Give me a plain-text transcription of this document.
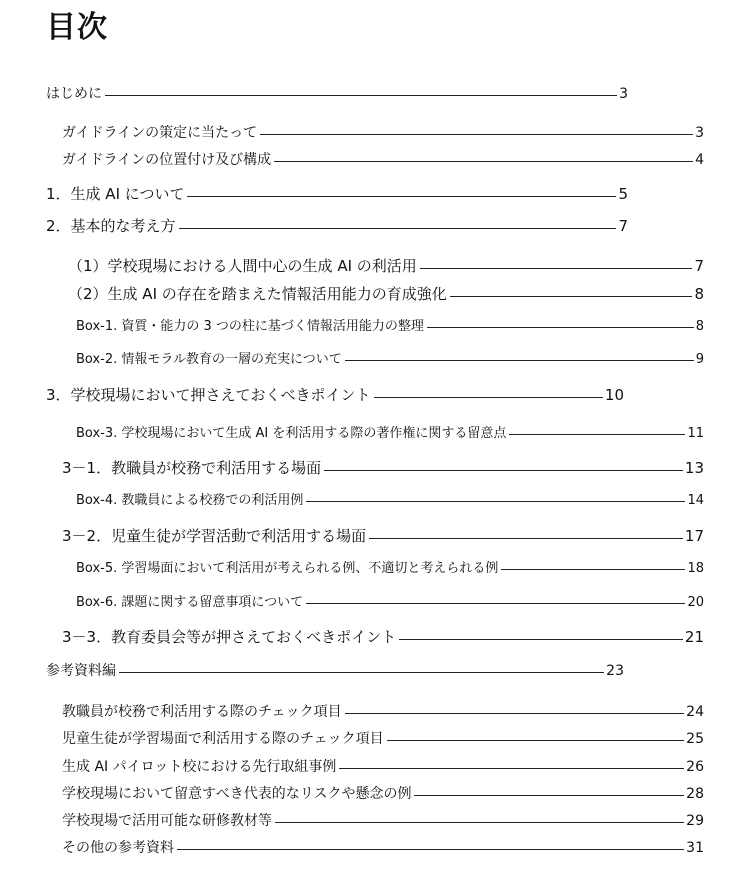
目次
はじめに	3
ガイドラインの策定に当たって	3
ガイドラインの位置付け及び構成	4
1．生成 AI について	5
2．基本的な考え方	7
（1）学校現場における人間中心の生成 AI の利活用	7
（2）生成 AI の存在を踏まえた情報活用能力の育成強化	8
Box-1. 資質・能力の 3 つの柱に基づく情報活用能力の整理	8
Box-2. 情報モラル教育の一層の充実について	9
3．学校現場において押さえておくべきポイント	10
Box-3. 学校現場において生成 AI を利活用する際の著作権に関する留意点	11
3－1．教職員が校務で利活用する場面	13
Box-4. 教職員による校務での利活用例	14
3－2．児童生徒が学習活動で利活用する場面	17
Box-5. 学習場面において利活用が考えられる例、不適切と考えられる例	18
Box-6. 課題に関する留意事項について	20
3－3．教育委員会等が押さえておくべきポイント	21
参考資料編	23
教職員が校務で利活用する際のチェック項目	24
児童生徒が学習場面で利活用する際のチェック項目	25
生成 AI パイロット校における先行取組事例	26
学校現場において留意すべき代表的なリスクや懸念の例	28
学校現場で活用可能な研修教材等	29
その他の参考資料	31
